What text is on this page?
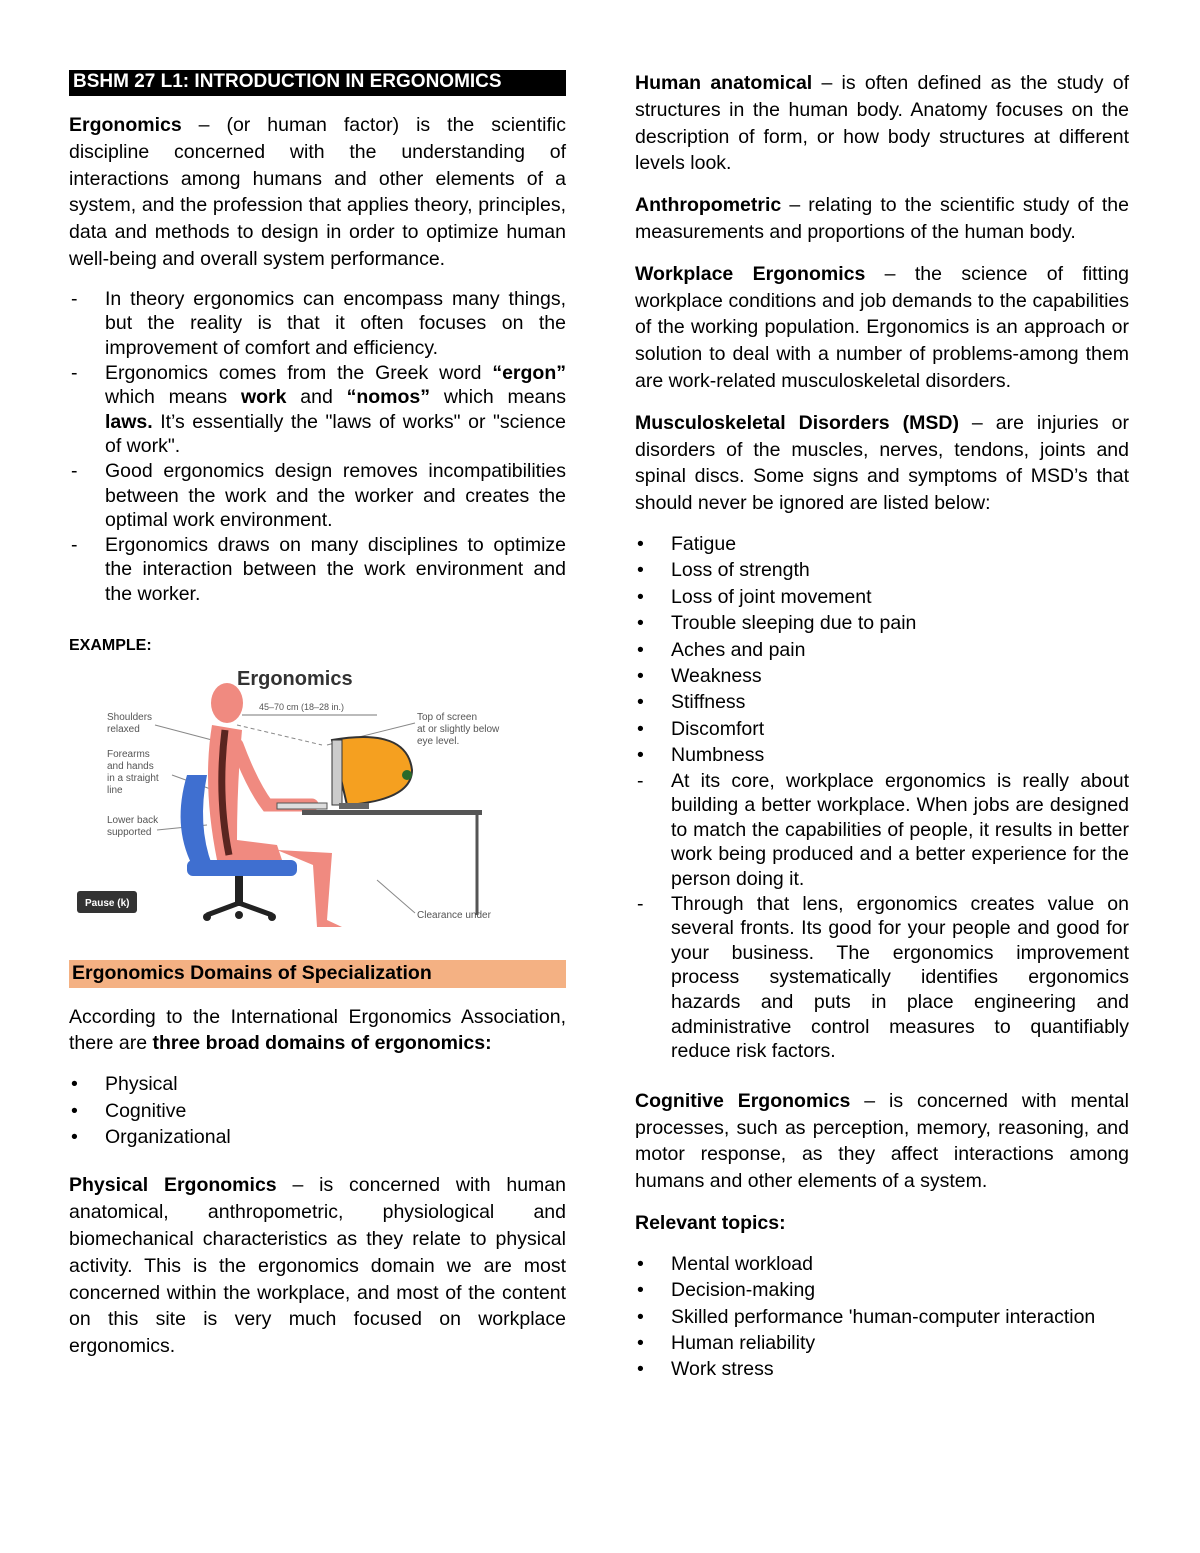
BSHM 27 L1: INTRODUCTION IN ERGONOMICS

Ergonomics – (or human factor) is the scientific discipline concerned with the understanding of interactions among humans and other elements of a system, and the profession that applies theory, principles, data and methods to design in order to optimize human well-being and overall system performance.

- In theory ergonomics can encompass many things, but the reality is that it often focuses on the improvement of comfort and efficiency.
- Ergonomics comes from the Greek word “ergon” which means work and “nomos” which means laws. It’s essentially the "laws of works" or "science of work".
- Good ergonomics design removes incompatibilities between the work and the worker and creates the optimal work environment.
- Ergonomics draws on many disciplines to optimize the interaction between the work environment and the worker.
EXAMPLE:
Ergonomics
45–70 cm (18–28 in.)
Shoulders
relaxed
Forearms
and hands
in a straight
line
Lower back
supported
Top of screen
at or slightly below
eye level.
Clearance under
Pause (k)
Ergonomics Domains of Specialization

According to the International Ergonomics Association, there are three broad domains of ergonomics:

• Physical
• Cognitive
• Organizational

Physical Ergonomics – is concerned with human anatomical, anthropometric, physiological and biomechanical characteristics as they relate to physical activity. This is the ergonomics domain we are most concerned within the workplace, and most of the content on this site is very much focused on workplace ergonomics.

Human anatomical – is often defined as the study of structures in the human body. Anatomy focuses on the description of form, or how body structures at different levels look.

Anthropometric – relating to the scientific study of the measurements and proportions of the human body.

Workplace Ergonomics – the science of fitting workplace conditions and job demands to the capabilities of the working population. Ergonomics is an approach or solution to deal with a number of problems-among them are work-related musculoskeletal disorders.

Musculoskeletal Disorders (MSD) – are injuries or disorders of the muscles, nerves, tendons, joints and spinal discs. Some signs and symptoms of MSD’s that should never be ignored are listed below:

• Fatigue
• Loss of strength
• Loss of joint movement
• Trouble sleeping due to pain
• Aches and pain
• Weakness
• Stiffness
• Discomfort
• Numbness
- At its core, workplace ergonomics is really about building a better workplace. When jobs are designed to match the capabilities of people, it results in better work being produced and a better experience for the person doing it.
- Through that lens, ergonomics creates value on several fronts. Its good for your people and good for your business. The ergonomics improvement process systematically identifies ergonomics hazards and puts in place engineering and administrative control measures to quantifiably reduce risk factors.

Cognitive Ergonomics – is concerned with mental processes, such as perception, memory, reasoning, and motor response, as they affect interactions among humans and other elements of a system.

Relevant topics:

• Mental workload
• Decision-making
• Skilled performance 'human-computer interaction
• Human reliability
• Work stress
